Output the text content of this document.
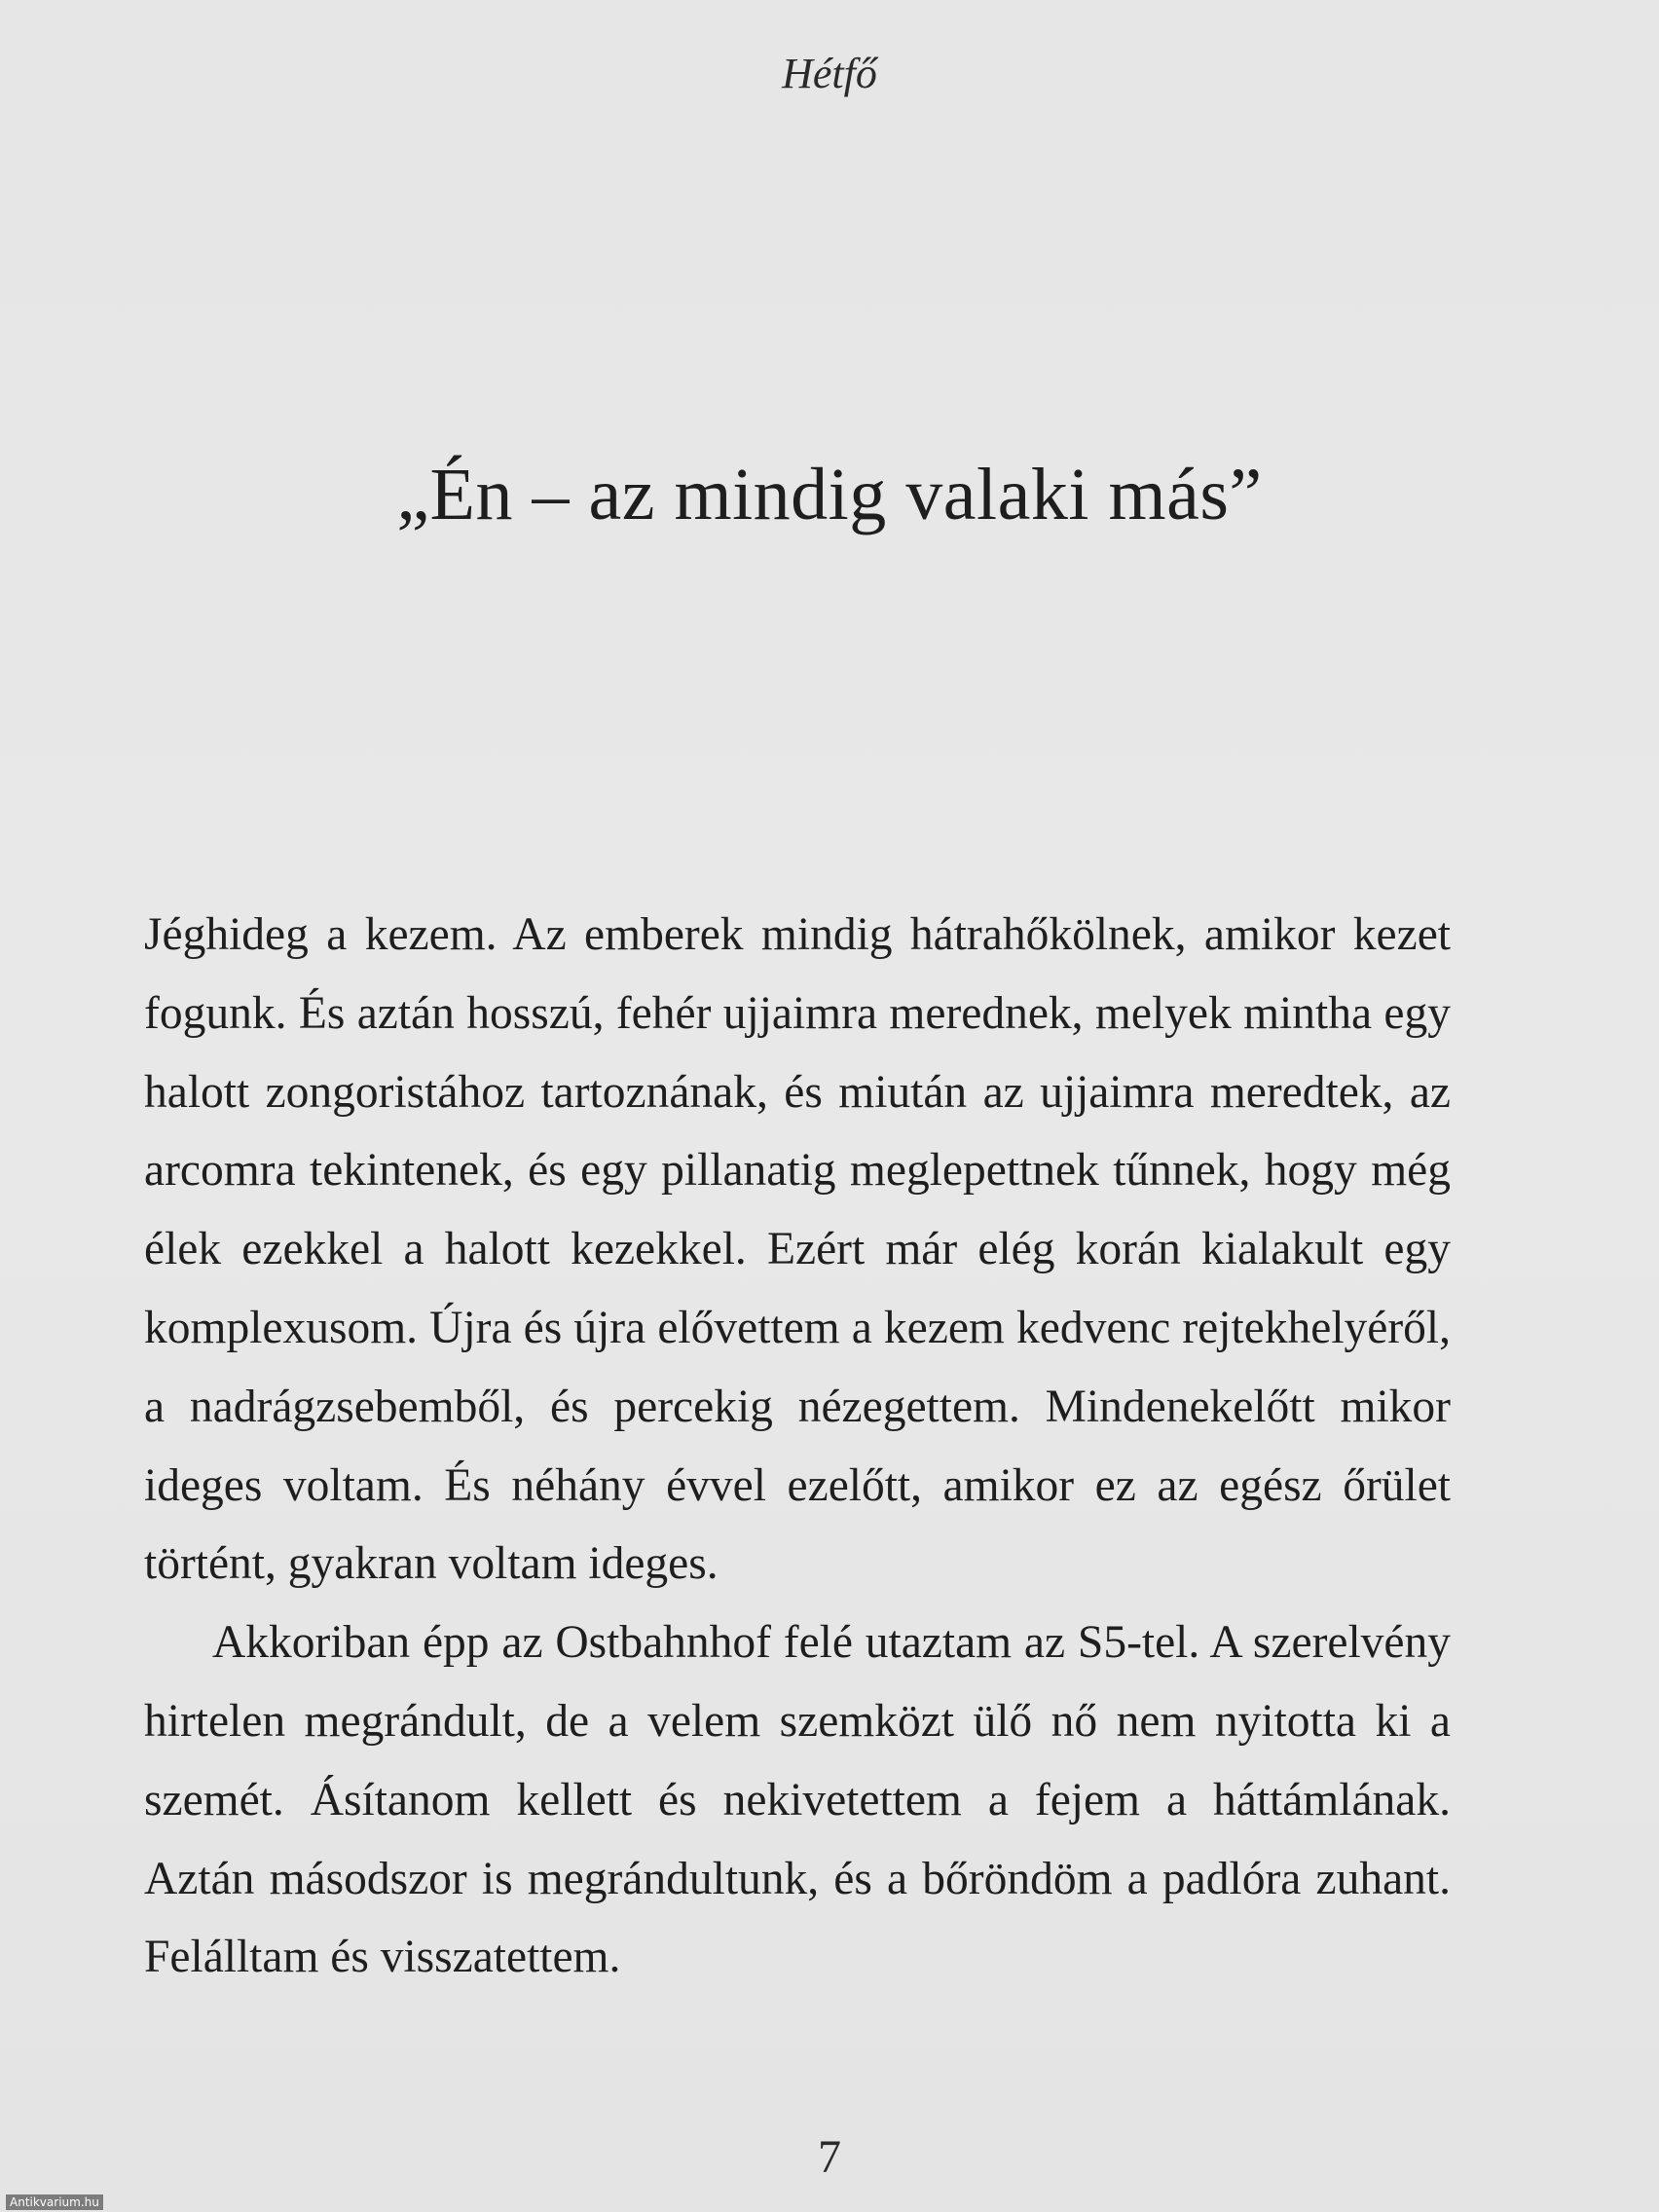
Hétfő
„Én – az mindig valaki más”

Jéghideg a kezem. Az emberek mindig hátrahőkölnek, amikor kezet fogunk. És aztán hosszú, fehér ujjaimra merednek, melyek mintha egy halott zongoristához tartoznának, és miután az ujjaimra meredtek, az arcomra tekintenek, és egy pillanatig meglepettnek tűnnek, hogy még élek ezekkel a halott kezekkel. Ezért már elég korán kialakult egy komplexusom. Újra és újra elővettem a kezem kedvenc rejtekhelyéről, a nadrágzsebemből, és percekig nézegettem. Mindenekelőtt mikor ideges voltam. És néhány évvel ezelőtt, amikor ez az egész őrület történt, gyakran voltam ideges.

Akkoriban épp az Ostbahnhof felé utaztam az S5-tel. A szerelvény hirtelen megrándult, de a velem szemközt ülő nő nem nyitotta ki a szemét. Ásítanom kellett és nekivetettem a fejem a háttámlának. Aztán másodszor is megrándultunk, és a bőröndöm a padlóra zuhant. Felálltam és visszatettem.

7
Antikvarium.hu
